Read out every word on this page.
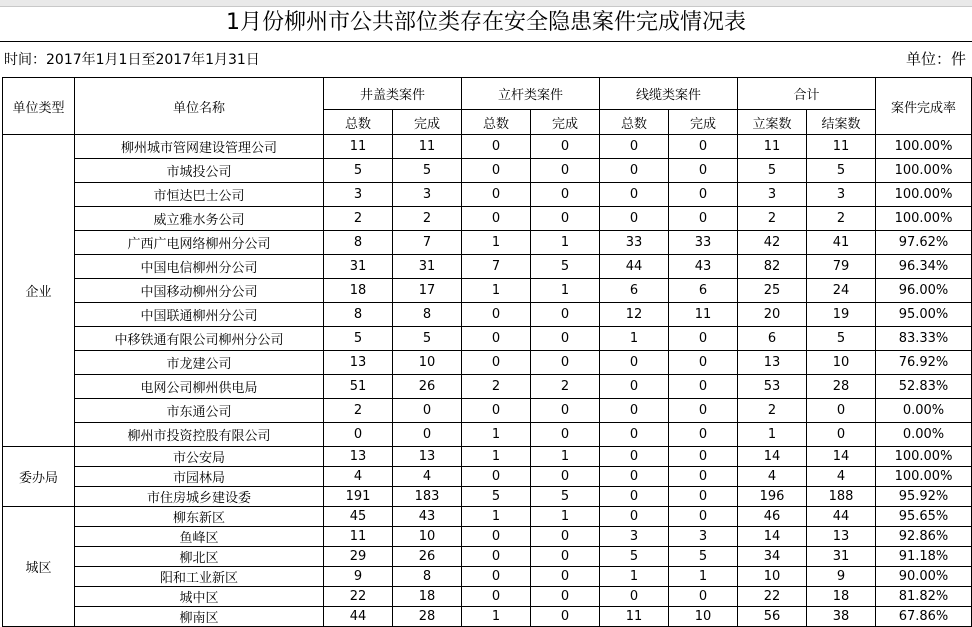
1月份柳州市公共部位类存在安全隐患案件完成情况表
时间：2017年1月1日至2017年1月31日	单位：件
单位类型	单位名称	井盖类案件		立杆类案件		线缆类案件		合计		案件完成率
		总数	完成	总数	完成	总数	完成	立案数	结案数	
企业	柳州城市管网建设管理公司	11	11	0	0	0	0	11	11	100.00%
	市城投公司	5	5	0	0	0	0	5	5	100.00%
	市恒达巴士公司	3	3	0	0	0	0	3	3	100.00%
	威立雅水务公司	2	2	0	0	0	0	2	2	100.00%
	广西广电网络柳州分公司	8	7	1	1	33	33	42	41	97.62%
	中国电信柳州分公司	31	31	7	5	44	43	82	79	96.34%
	中国移动柳州分公司	18	17	1	1	6	6	25	24	96.00%
	中国联通柳州分公司	8	8	0	0	12	11	20	19	95.00%
	中移铁通有限公司柳州分公司	5	5	0	0	1	0	6	5	83.33%
	市龙建公司	13	10	0	0	0	0	13	10	76.92%
	电网公司柳州供电局	51	26	2	2	0	0	53	28	52.83%
	市东通公司	2	0	0	0	0	0	2	0	0.00%
	柳州市投资控股有限公司	0	0	1	0	0	0	1	0	0.00%
委办局	市公安局	13	13	1	1	0	0	14	14	100.00%
	市园林局	4	4	0	0	0	0	4	4	100.00%
	市住房城乡建设委	191	183	5	5	0	0	196	188	95.92%
城区	柳东新区	45	43	1	1	0	0	46	44	95.65%
	鱼峰区	11	10	0	0	3	3	14	13	92.86%
	柳北区	29	26	0	0	5	5	34	31	91.18%
	阳和工业新区	9	8	0	0	1	1	10	9	90.00%
	城中区	22	18	0	0	0	0	22	18	81.82%
	柳南区	44	28	1	0	11	10	56	38	67.86%
